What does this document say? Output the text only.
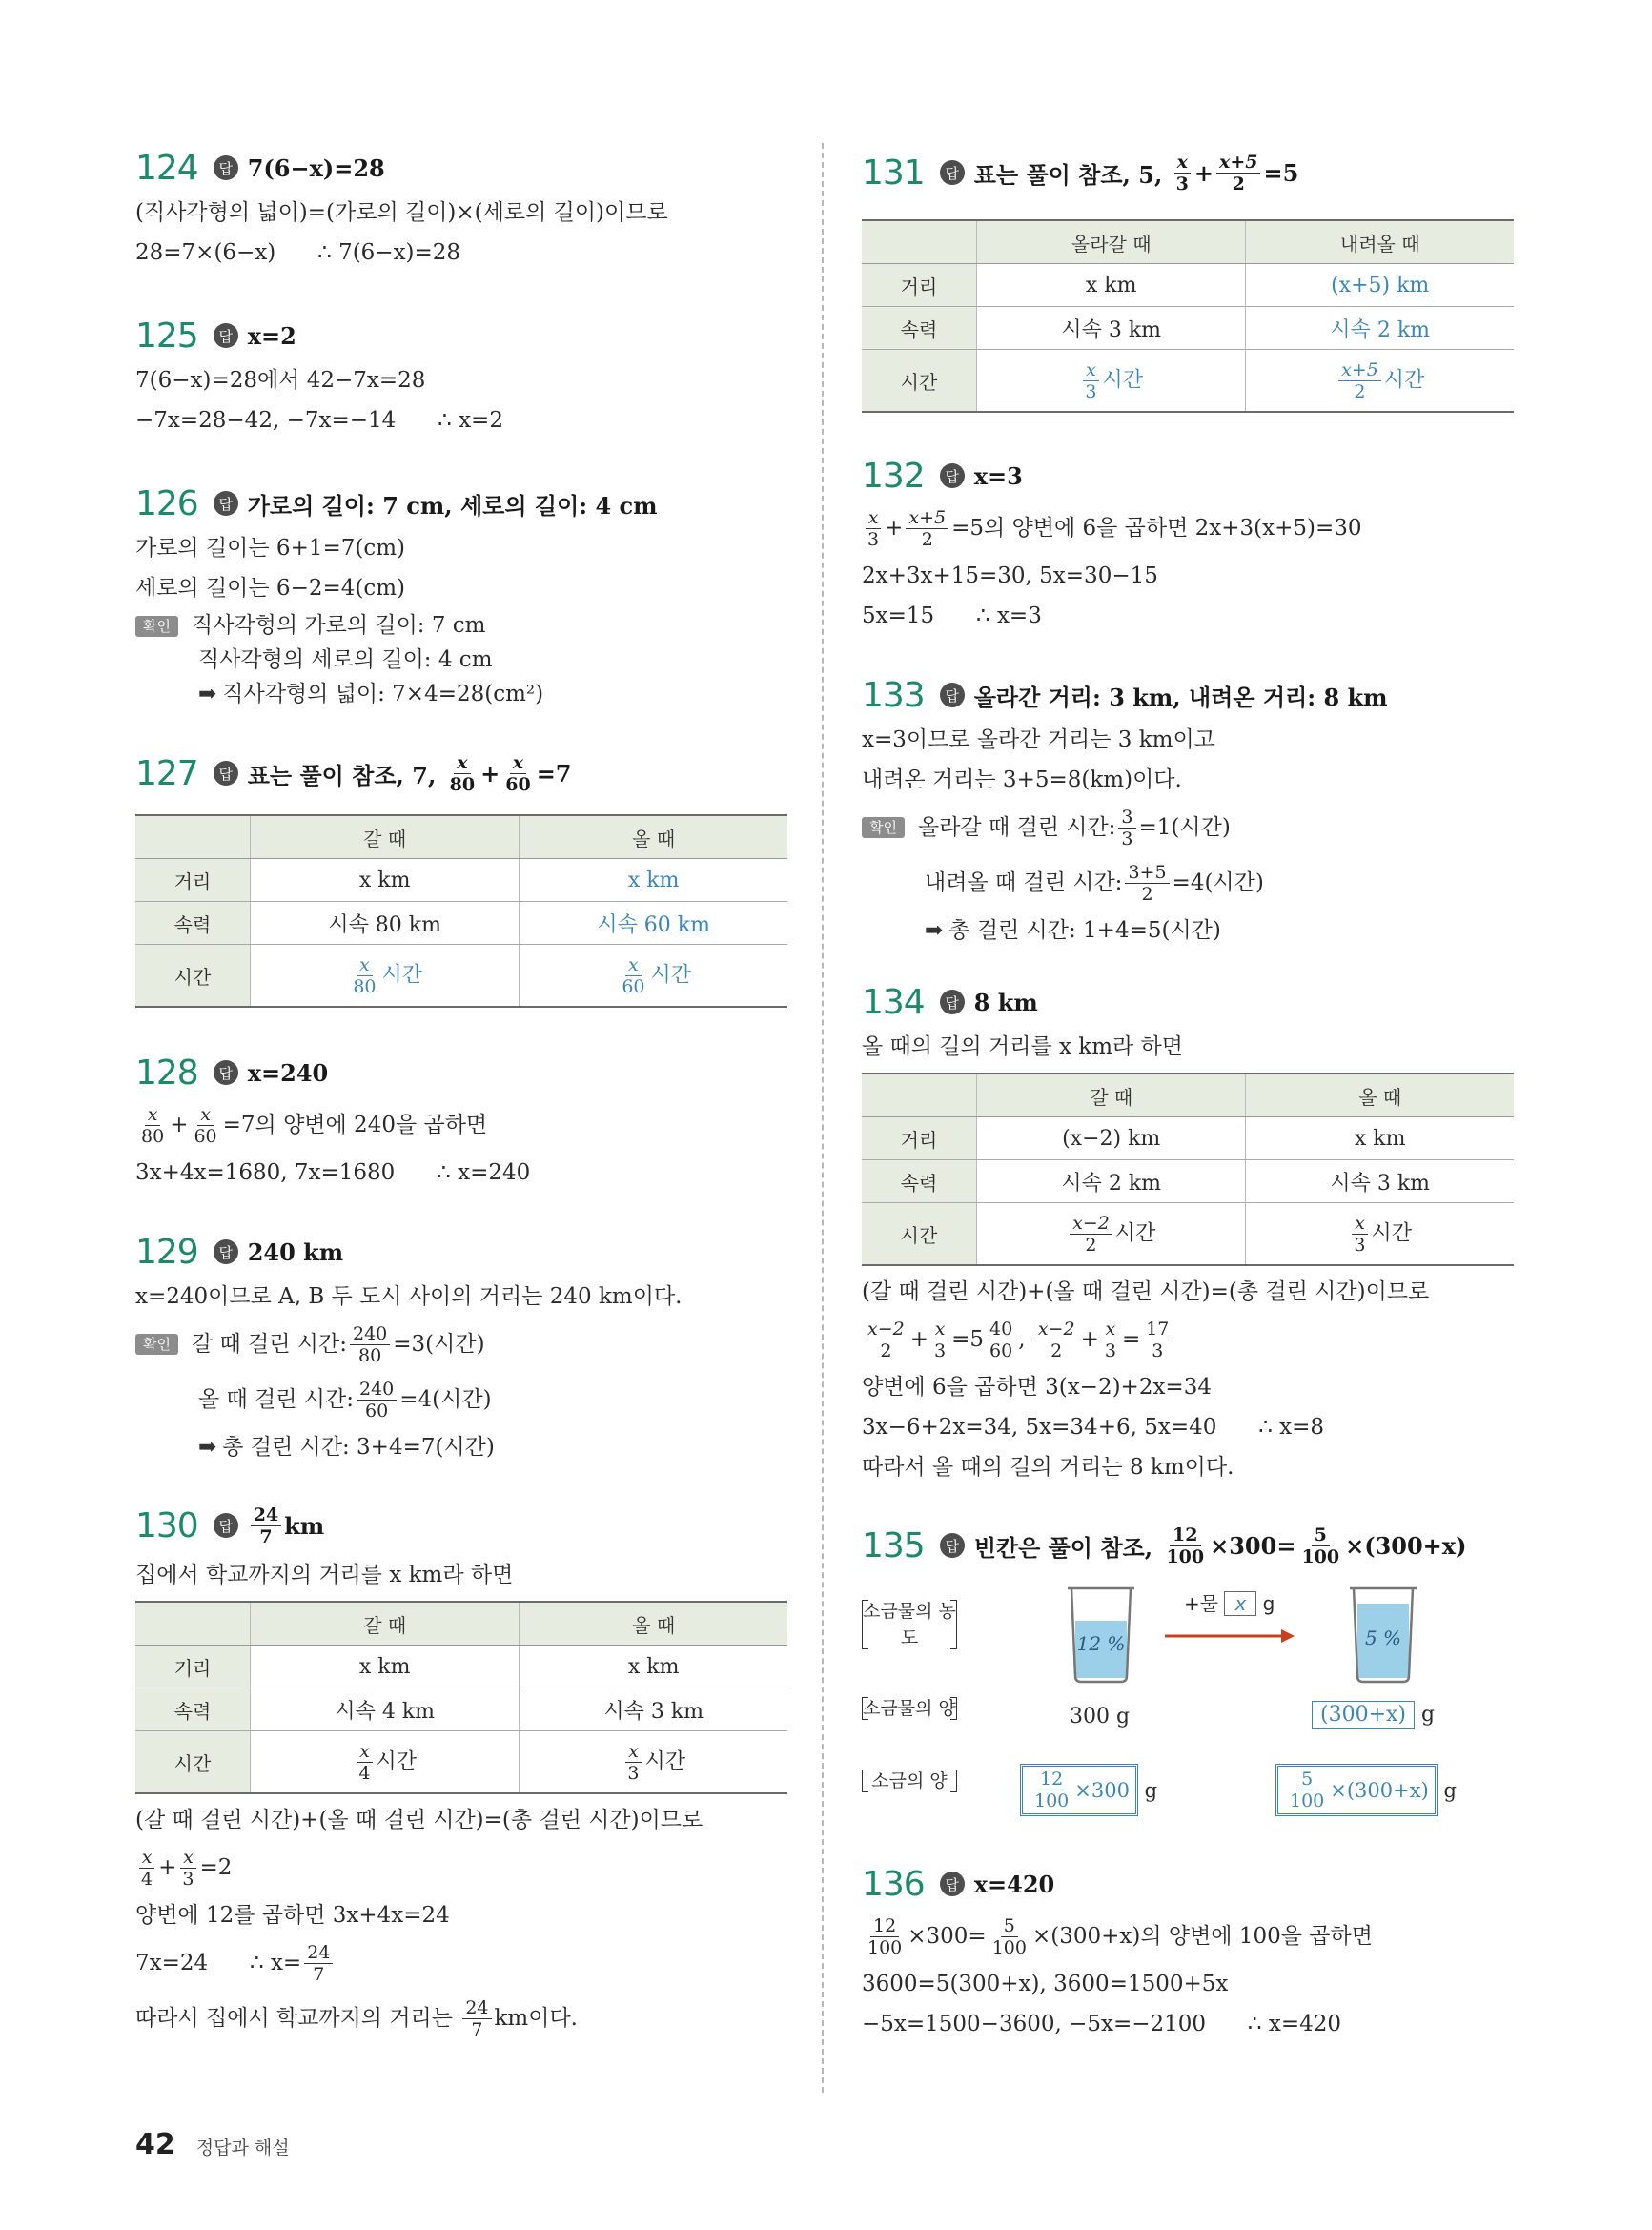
124	답 7(6−x)=28
(직사각형의 넓이)=(가로의 길이)×(세로의 길이)이므로
28=7×(6−x)      ∴ 7(6−x)=28
125	답 x=2
7(6−x)=28에서 42−7x=28
−7x=28−42, −7x=−14      ∴ x=2
126	답 가로의 길이: 7 cm, 세로의 길이: 4 cm
가로의 길이는 6+1=7(cm)
세로의 길이는 6−2=4(cm)
확인 직사각형의 가로의 길이: 7 cm
직사각형의 세로의 길이: 4 cm
➡ 직사각형의 넓이: 7×4=28(cm²)
127	답 표는 풀이 참조, 7,
$\frac{x}{80} + \frac{x}{60} =7$
	갈 때	올 때
거리	x km	x km
속력	시속 80 km	시속 60 km
시간	$\frac{x}{80}$ 시간	$\frac{x}{60}$ 시간
128	답 x=240
$\frac{x}{80} + \frac{x}{60} =7$의 양변에 240을 곱하면
3x+4x=1680, 7x=1680      ∴ x=240
129	답 240 km
x=240이므로 A, B 두 도시 사이의 거리는 240 km이다.
확인 갈 때 걸린 시간: $\frac{240}{80} =3$(시간)
올 때 걸린 시간: $\frac{240}{60} =4$(시간)
➡ 총 걸린 시간: 3+4=7(시간)
130	답 $\frac{24}{7}$ km
집에서 학교까지의 거리를 x km라 하면
	갈 때	올 때
거리	x km	x km
속력	시속 4 km	시속 3 km
시간	$\frac{x}{4}$ 시간	$\frac{x}{3}$ 시간
(갈 때 걸린 시간)+(올 때 걸린 시간)=(총 걸린 시간)이므로
$\frac{x}{4} + \frac{x}{3} =2$
양변에 12를 곱하면 3x+4x=24
7x=24      ∴ $x= \frac{24}{7}$
따라서 집에서 학교까지의 거리는
$\frac{24}{7}$ km이다.
131	답 표는 풀이 참조, 5,
$\frac{x}{3} + \frac{x+5}{2} =5$
	올라갈 때	내려올 때
거리	x km	(x+5) km
속력	시속 3 km	시속 2 km
시간	$\frac{x}{3}$ 시간	$\frac{x+5}{2}$ 시간
132	답 x=3
$\frac{x}{3} + \frac{x+5}{2} =5$의 양변에 6을 곱하면 2x+3(x+5)=30
2x+3x+15=30, 5x=30−15
5x=15      ∴ x=3
133	답 올라간 거리: 3 km, 내려온 거리: 8 km
x=3이므로 올라간 거리는 3 km이고
내려온 거리는 3+5=8(km)이다.
확인 올라갈 때 걸린 시간: $\frac{3}{3} =1$(시간)
내려올 때 걸린 시간: $\frac{3+5}{2} =4$(시간)
➡ 총 걸린 시간: 1+4=5(시간)
134	답 8 km
올 때의 길의 거리를 x km라 하면
	갈 때	올 때
거리	(x−2) km	x km
속력	시속 2 km	시속 3 km
시간	$\frac{x-2}{2}$ 시간	$\frac{x}{3}$ 시간
(갈 때 걸린 시간)+(올 때 걸린 시간)=(총 걸린 시간)이므로
$\frac{x-2}{2} + \frac{x}{3} =5 \frac{40}{60}$ , $\frac{x-2}{2} + \frac{x}{3} = \frac{17}{3}$
양변에 6을 곱하면 3(x−2)+2x=34
3x−6+2x=34, 5x=34+6, 5x=40      ∴ x=8
따라서 올 때의 길의 거리는 8 km이다.
135	답 빈칸은 풀이 참조,
$\frac{12}{100} \times 300= \frac{5}{100} \times(300+x)$
소금물의 농도
소금물의 양
소금의 양
12 %
+물 x g
5 %
300 g	(300+x) g
$\frac{12}{100} \times 300$
g	$\frac{5}{100} \times(300+x)$
g
136	답 x=420
$\frac{12}{100} \times 300= \frac{5}{100} \times(300+x)$의 양변에 100을 곱하면
3600=5(300+x), 3600=1500+5x
−5x=1500−3600, −5x=−2100      ∴ x=420
42 정답과 해설
